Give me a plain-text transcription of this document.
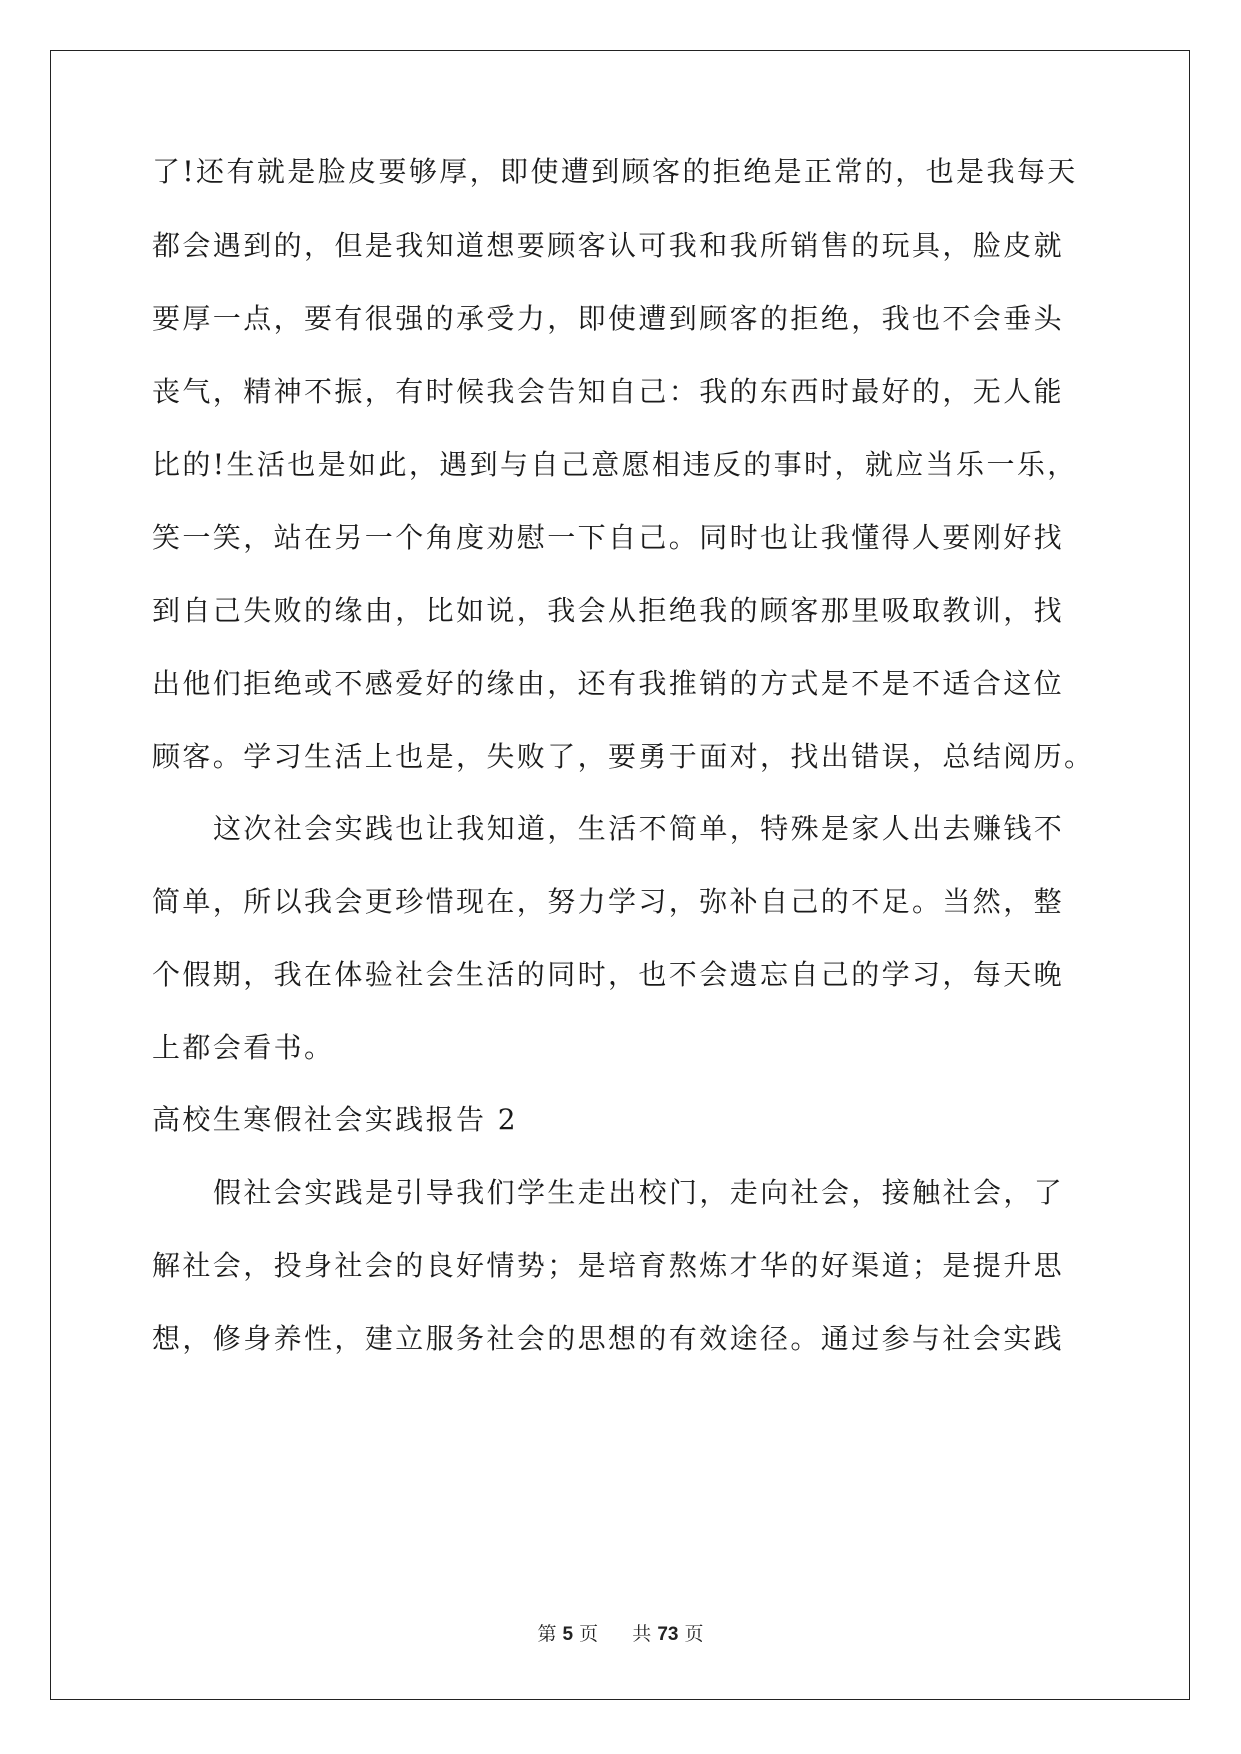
了!还有就是脸皮要够厚，即使遭到顾客的拒绝是正常的，也是我每天
都会遇到的，但是我知道想要顾客认可我和我所销售的玩具，脸皮就
要厚一点，要有很强的承受力，即使遭到顾客的拒绝，我也不会垂头
丧气，精神不振，有时候我会告知自己：我的东西时最好的，无人能
比的!生活也是如此，遇到与自己意愿相违反的事时，就应当乐一乐，
笑一笑，站在另一个角度劝慰一下自己。同时也让我懂得人要刚好找
到自己失败的缘由，比如说，我会从拒绝我的顾客那里吸取教训，找
出他们拒绝或不感爱好的缘由，还有我推销的方式是不是不适合这位
顾客。学习生活上也是，失败了，要勇于面对，找出错误，总结阅历。
这次社会实践也让我知道，生活不简单，特殊是家人出去赚钱不
简单，所以我会更珍惜现在，努力学习，弥补自己的不足。当然，整
个假期，我在体验社会生活的同时，也不会遗忘自己的学习，每天晚
上都会看书。
高校生寒假社会实践报告 2
假社会实践是引导我们学生走出校门，走向社会，接触社会，了
解社会，投身社会的良好情势；是培育熬炼才华的好渠道；是提升思
想，修身养性，建立服务社会的思想的有效途径。通过参与社会实践
第 5 页 共 73 页
